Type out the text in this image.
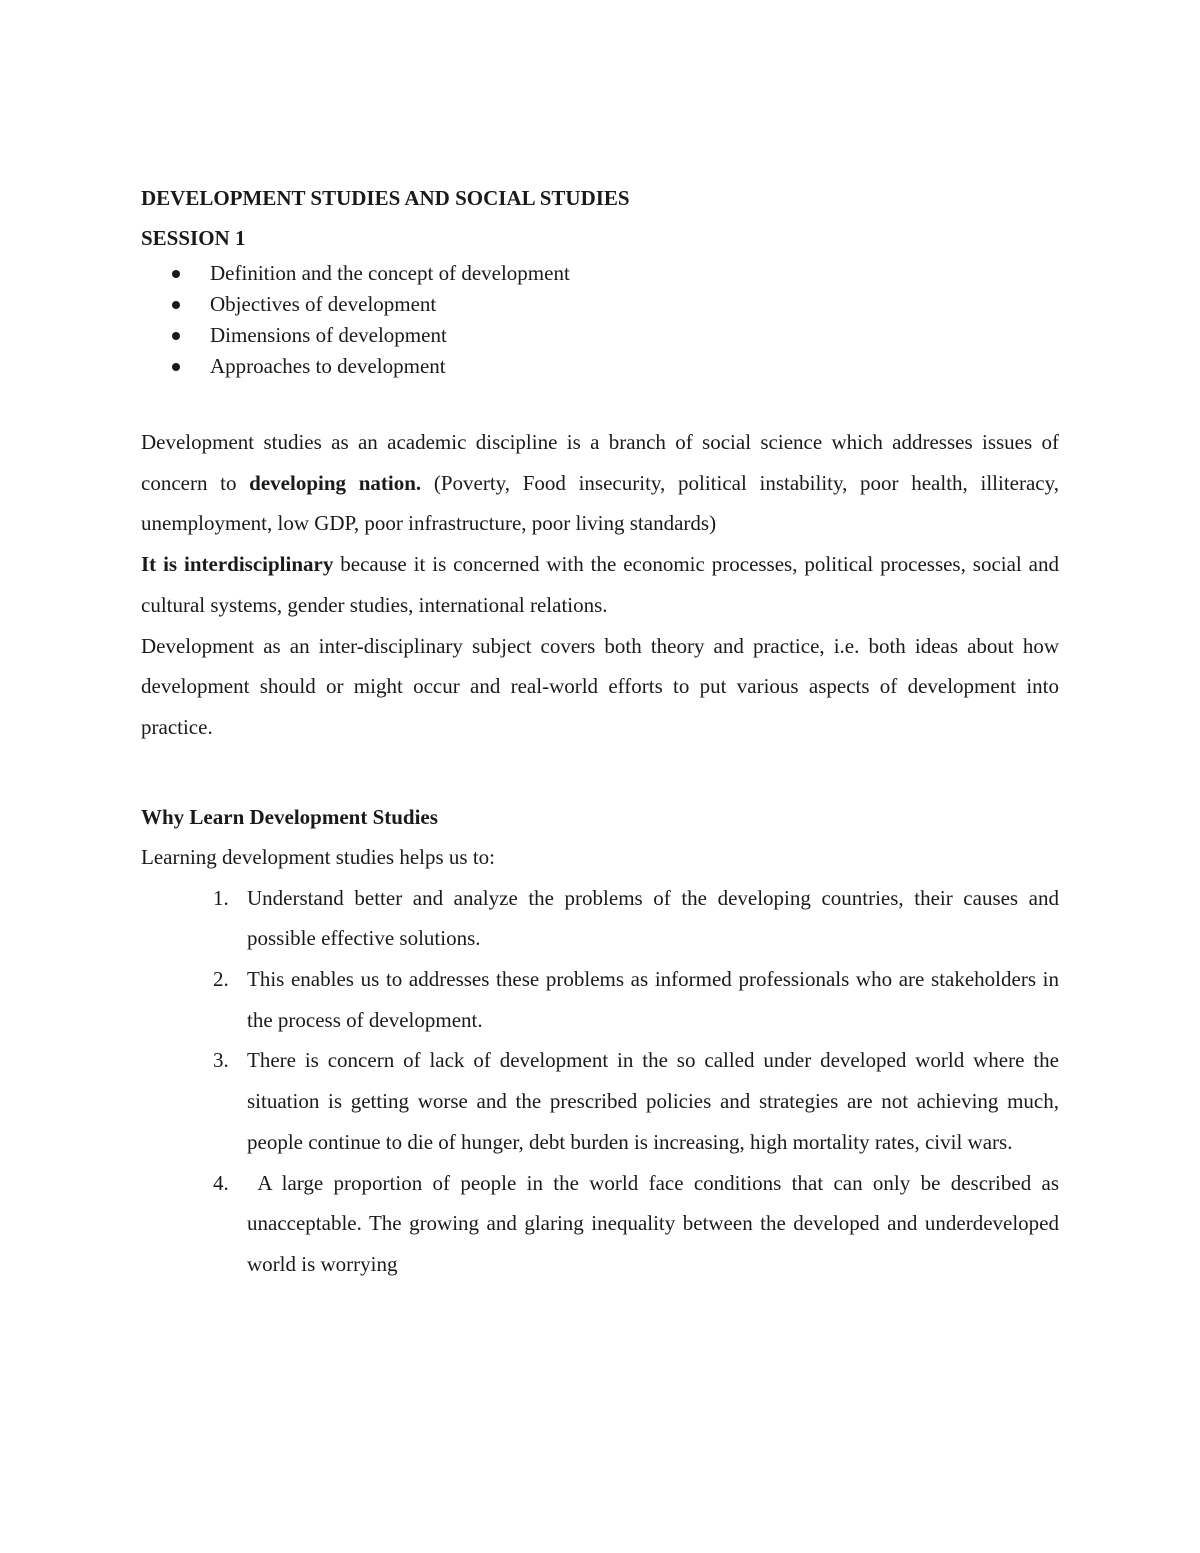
DEVELOPMENT STUDIES AND SOCIAL STUDIES
SESSION 1
Definition and the concept of development
Objectives of development
Dimensions of development
Approaches to development

Development studies as an academic discipline is a branch of social science which addresses issues of concern to developing nation. (Poverty, Food insecurity, political instability, poor health, illiteracy, unemployment, low GDP, poor infrastructure, poor living standards)

It is interdisciplinary because it is concerned with the economic processes, political processes, social and cultural systems, gender studies, international relations.

Development as an inter-disciplinary subject covers both theory and practice, i.e. both ideas about how development should or might occur and real-world efforts to put various aspects of development into practice.

Why Learn Development Studies

Learning development studies helps us to:

1. Understand better and analyze the problems of the developing countries, their causes and possible effective solutions.
2. This enables us to addresses these problems as informed professionals who are stakeholders in the process of development.
3. There is concern of lack of development in the so called under developed world where the situation is getting worse and the prescribed policies and strategies are not achieving much, people continue to die of hunger, debt burden is increasing, high mortality rates, civil wars.
4. A large proportion of people in the world face conditions that can only be described as unacceptable. The growing and glaring inequality between the developed and underdeveloped world is worrying
